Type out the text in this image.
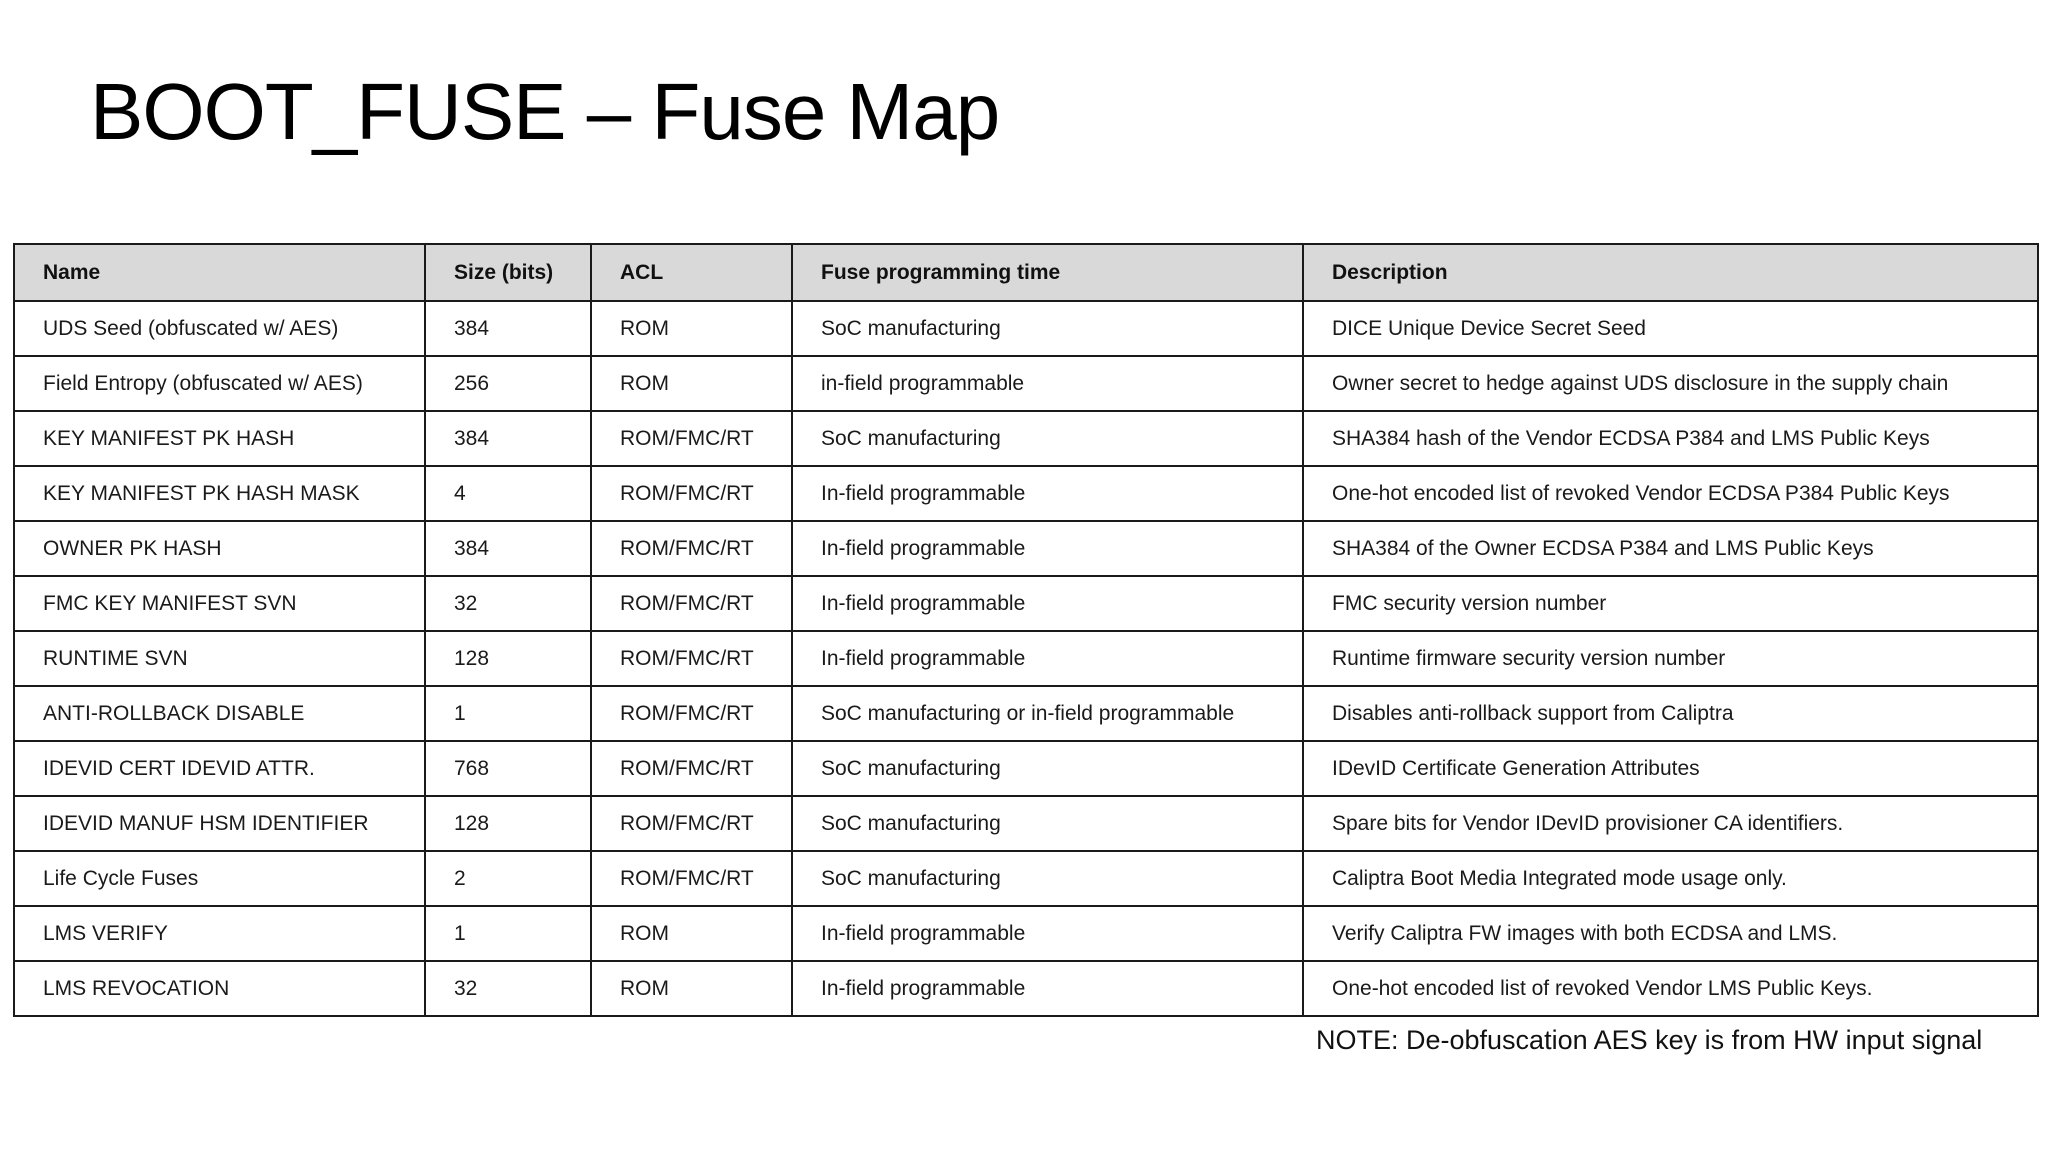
BOOT_FUSE – Fuse Map
Name	Size (bits)	ACL	Fuse programming time	Description
UDS Seed (obfuscated w/ AES)	384	ROM	SoC manufacturing	DICE Unique Device Secret Seed
Field Entropy (obfuscated w/ AES)	256	ROM	in-field programmable	Owner secret to hedge against UDS disclosure in the supply chain
KEY MANIFEST PK HASH	384	ROM/FMC/RT	SoC manufacturing	SHA384 hash of the Vendor ECDSA P384 and LMS Public Keys
KEY MANIFEST PK HASH MASK	4	ROM/FMC/RT	In-field programmable	One-hot encoded list of revoked Vendor ECDSA P384 Public Keys
OWNER PK HASH	384	ROM/FMC/RT	In-field programmable	SHA384 of the Owner ECDSA P384 and LMS Public Keys
FMC KEY MANIFEST SVN	32	ROM/FMC/RT	In-field programmable	FMC security version number
RUNTIME SVN	128	ROM/FMC/RT	In-field programmable	Runtime firmware security version number
ANTI-ROLLBACK DISABLE	1	ROM/FMC/RT	SoC manufacturing or in-field programmable	Disables anti-rollback support from Caliptra
IDEVID CERT IDEVID ATTR.	768	ROM/FMC/RT	SoC manufacturing	IDevID Certificate Generation Attributes
IDEVID MANUF HSM IDENTIFIER	128	ROM/FMC/RT	SoC manufacturing	Spare bits for Vendor IDevID provisioner CA identifiers.
Life Cycle Fuses	2	ROM/FMC/RT	SoC manufacturing	Caliptra Boot Media Integrated mode usage only.
LMS VERIFY	1	ROM	In-field programmable	Verify Caliptra FW images with both ECDSA and LMS.
LMS REVOCATION	32	ROM	In-field programmable	One-hot encoded list of revoked Vendor LMS Public Keys.
NOTE: De-obfuscation AES key is from HW input signal
